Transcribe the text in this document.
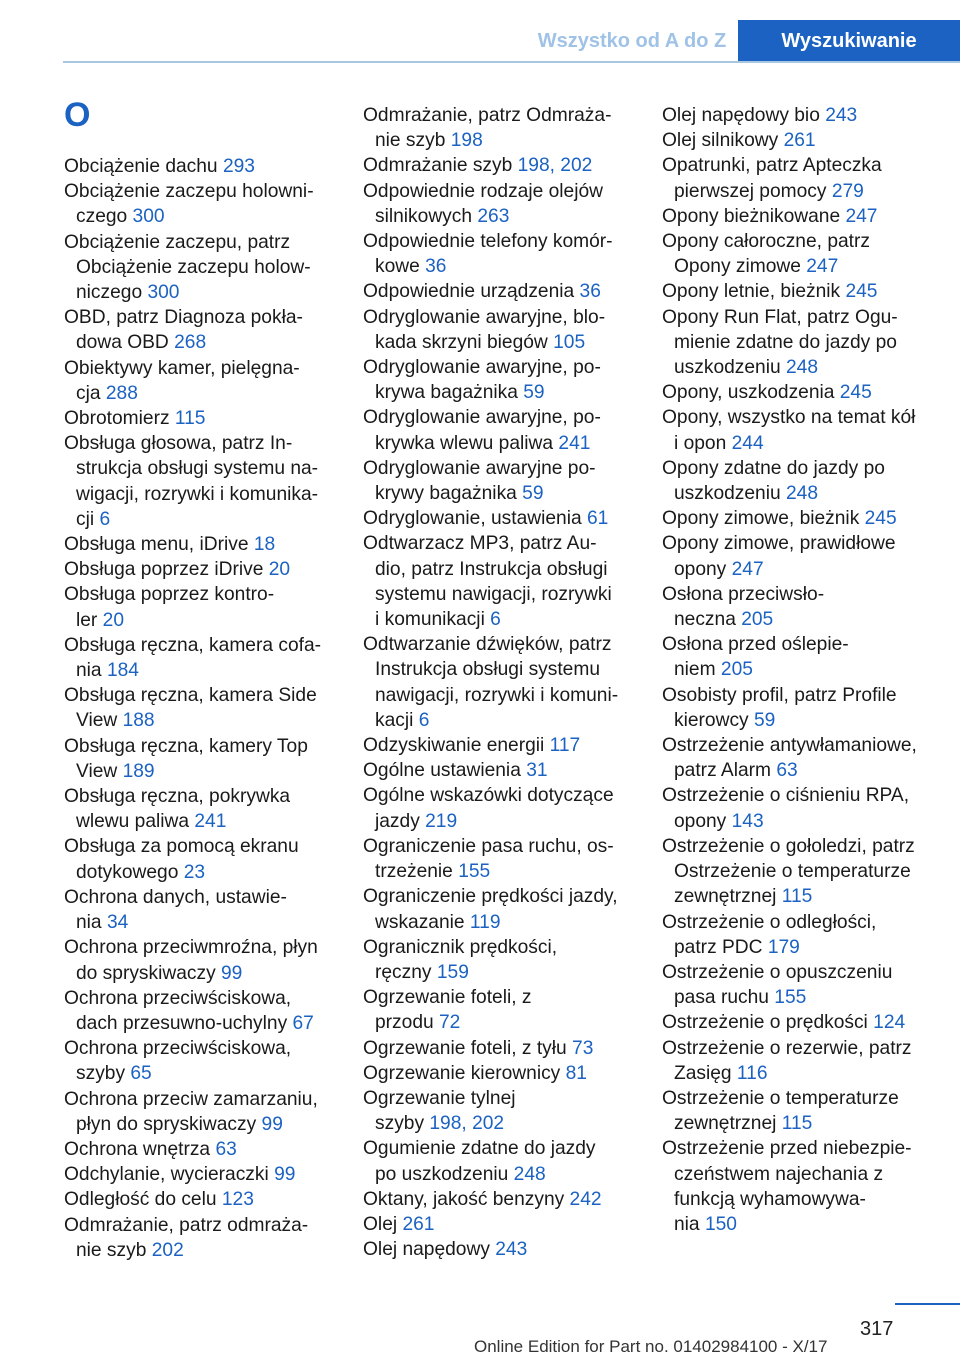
Wszystko od A do Z	Wyszukiwanie
O

Obciążenie dachu 293

Obciążenie zaczepu holowni-
czego 300

Obciążenie zaczepu, patrz
Obciążenie zaczepu holow-
niczego 300

OBD, patrz Diagnoza pokła-
dowa OBD 268

Obiektywy kamer, pielęgna-
cja 288

Obrotomierz 115

Obsługa głosowa, patrz In-
strukcja obsługi systemu na-
wigacji, rozrywki i komunika-
cji 6

Obsługa menu, iDrive 18

Obsługa poprzez iDrive 20

Obsługa poprzez kontro-
ler 20

Obsługa ręczna, kamera cofa-
nia 184

Obsługa ręczna, kamera Side
View 188

Obsługa ręczna, kamery Top
View 189

Obsługa ręczna, pokrywka
wlewu paliwa 241

Obsługa za pomocą ekranu
dotykowego 23

Ochrona danych, ustawie-
nia 34

Ochrona przeciwmroźna, płyn
do spryskiwaczy 99

Ochrona przeciwściskowa,
dach przesuwno-uchylny 67

Ochrona przeciwściskowa,
szyby 65

Ochrona przeciw zamarzaniu,
płyn do spryskiwaczy 99

Ochrona wnętrza 63

Odchylanie, wycieraczki 99

Odległość do celu 123

Odmrażanie, patrz odmraża-
nie szyb 202

Odmrażanie, patrz Odmraża-
nie szyb 198

Odmrażanie szyb 198, 202

Odpowiednie rodzaje olejów
silnikowych 263

Odpowiednie telefony komór-
kowe 36

Odpowiednie urządzenia 36

Odryglowanie awaryjne, blo-
kada skrzyni biegów 105

Odryglowanie awaryjne, po-
krywa bagażnika 59

Odryglowanie awaryjne, po-
krywka wlewu paliwa 241

Odryglowanie awaryjne po-
krywy bagażnika 59

Odryglowanie, ustawienia 61

Odtwarzacz MP3, patrz Au-
dio, patrz Instrukcja obsługi
systemu nawigacji, rozrywki
i komunikacji 6

Odtwarzanie dźwięków, patrz
Instrukcja obsługi systemu
nawigacji, rozrywki i komuni-
kacji 6

Odzyskiwanie energii 117

Ogólne ustawienia 31

Ogólne wskazówki dotyczące
jazdy 219

Ograniczenie pasa ruchu, os-
trzeżenie 155

Ograniczenie prędkości jazdy,
wskazanie 119

Ogranicznik prędkości,
ręczny 159

Ogrzewanie foteli, z
przodu 72

Ogrzewanie foteli, z tyłu 73

Ogrzewanie kierownicy 81

Ogrzewanie tylnej
szyby 198, 202

Ogumienie zdatne do jazdy
po uszkodzeniu 248

Oktany, jakość benzyny 242

Olej 261

Olej napędowy 243

Olej napędowy bio 243

Olej silnikowy 261

Opatrunki, patrz Apteczka
pierwszej pomocy 279

Opony bieżnikowane 247

Opony całoroczne, patrz
Opony zimowe 247

Opony letnie, bieżnik 245

Opony Run Flat, patrz Ogu-
mienie zdatne do jazdy po
uszkodzeniu 248

Opony, uszkodzenia 245

Opony, wszystko na temat kół
i opon 244

Opony zdatne do jazdy po
uszkodzeniu 248

Opony zimowe, bieżnik 245

Opony zimowe, prawidłowe
opony 247

Osłona przeciwsło-
neczna 205

Osłona przed oślepie-
niem 205

Osobisty profil, patrz Profile
kierowcy 59

Ostrzeżenie antywłamaniowe,
patrz Alarm 63

Ostrzeżenie o ciśnieniu RPA,
opony 143

Ostrzeżenie o gołoledzi, patrz
Ostrzeżenie o temperaturze
zewnętrznej 115

Ostrzeżenie o odległości,
patrz PDC 179

Ostrzeżenie o opuszczeniu
pasa ruchu 155

Ostrzeżenie o prędkości 124

Ostrzeżenie o rezerwie, patrz
Zasięg 116

Ostrzeżenie o temperaturze
zewnętrznej 115

Ostrzeżenie przed niebezpie-
czeństwem najechania z
funkcją wyhamowywa-
nia 150

317
Online Edition for Part no. 01402984100 - X/17
